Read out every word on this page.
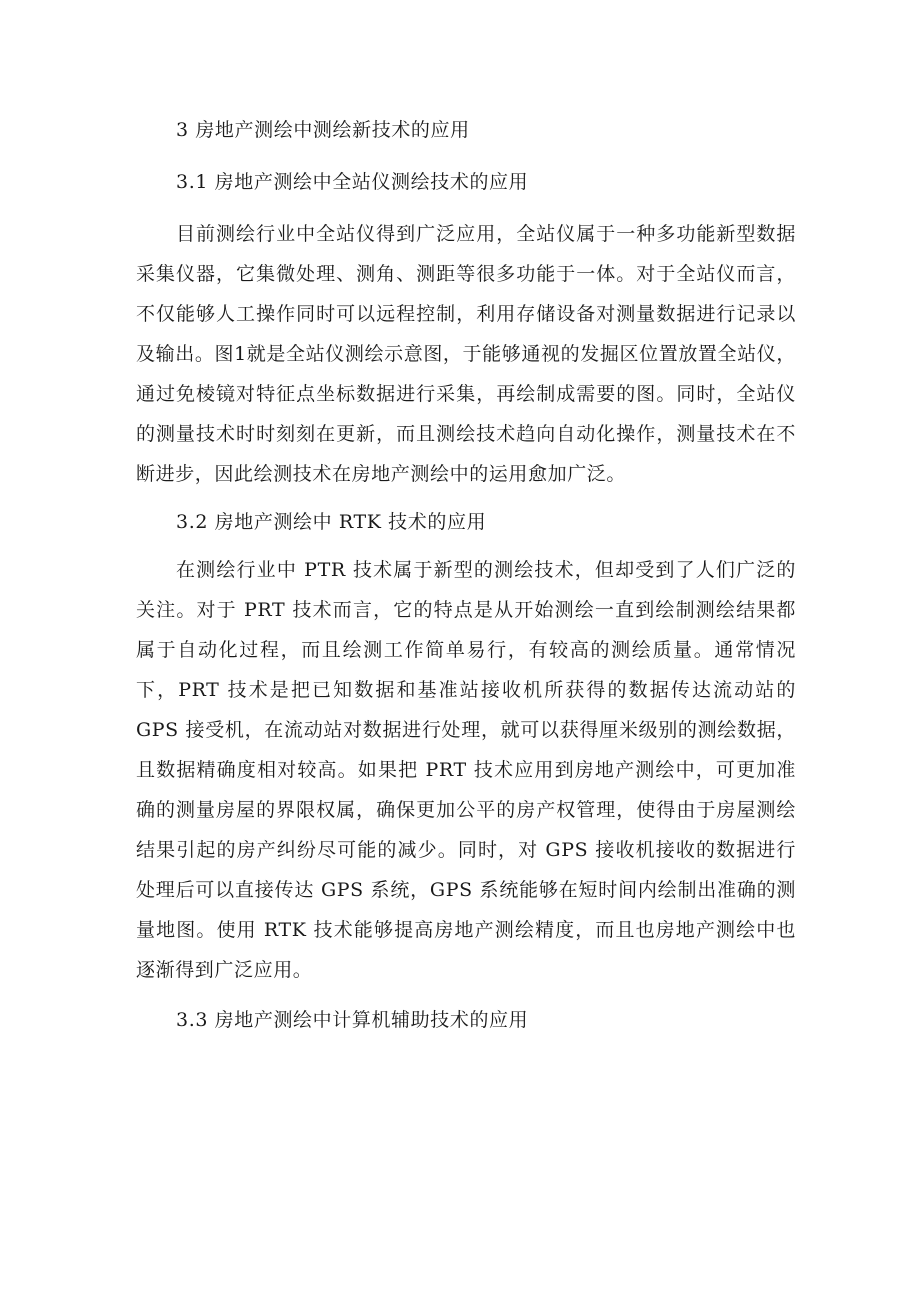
3 房地产测绘中测绘新技术的应用
3.1 房地产测绘中全站仪测绘技术的应用

目前测绘行业中全站仪得到广泛应用，全站仪属于一种多功能新型数据采集仪器，它集微处理、测角、测距等很多功能于一体。对于全站仪而言，不仅能够人工操作同时可以远程控制，利用存储设备对测量数据进行记录以及输出。图1就是全站仪测绘示意图，于能够通视的发掘区位置放置全站仪，通过免棱镜对特征点坐标数据进行采集，再绘制成需要的图。同时，全站仪的测量技术时时刻刻在更新，而且测绘技术趋向自动化操作，测量技术在不断进步，因此绘测技术在房地产测绘中的运用愈加广泛。

3.2 房地产测绘中 RTK 技术的应用

在测绘行业中 PTR 技术属于新型的测绘技术，但却受到了人们广泛的关注。对于 PRT 技术而言，它的特点是从开始测绘一直到绘制测绘结果都属于自动化过程，而且绘测工作简单易行，有较高的测绘质量。通常情况下，PRT 技术是把已知数据和基准站接收机所获得的数据传达流动站的 GPS 接受机，在流动站对数据进行处理，就可以获得厘米级别的测绘数据，且数据精确度相对较高。如果把 PRT 技术应用到房地产测绘中，可更加准确的测量房屋的界限权属，确保更加公平的房产权管理，使得由于房屋测绘结果引起的房产纠纷尽可能的减少。同时，对 GPS 接收机接收的数据进行处理后可以直接传达 GPS 系统，GPS 系统能够在短时间内绘制出准确的测量地图。使用 RTK 技术能够提高房地产测绘精度，而且也房地产测绘中也逐渐得到广泛应用。

3.3 房地产测绘中计算机辅助技术的应用
